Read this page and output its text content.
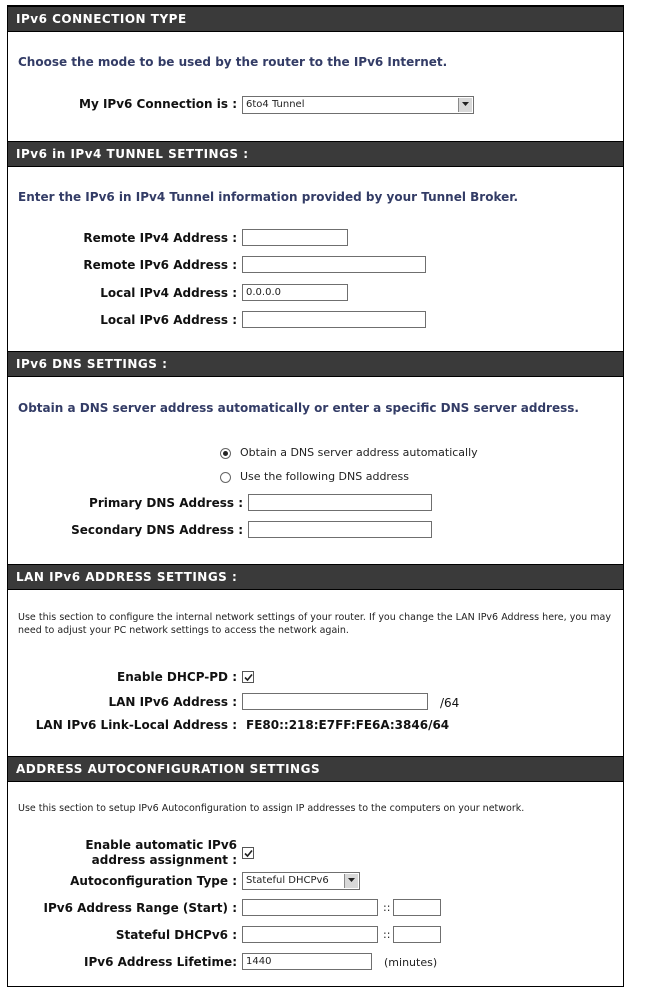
IPv6 CONNECTION TYPE
Choose the mode to be used by the router to the IPv6 Internet.
My IPv6 Connection is : 6to4 Tunnel
IPv6 in IPv4 TUNNEL SETTINGS :
Enter the IPv6 in IPv4 Tunnel information provided by your Tunnel Broker.
Remote IPv4 Address :
Remote IPv6 Address :
Local IPv4 Address :
0.0.0.0
Local IPv6 Address :
IPv6 DNS SETTINGS :
Obtain a DNS server address automatically or enter a specific DNS server address.
Obtain a DNS server address automatically
Use the following DNS address
Primary DNS Address :
Secondary DNS Address :
LAN IPv6 ADDRESS SETTINGS :
Use this section to configure the internal network settings of your router. If you change the LAN IPv6 Address here, you may need to adjust your PC network settings to access the network again.
Enable DHCP-PD :
LAN IPv6 Address :	/64
LAN IPv6 Link-Local Address : FE80::218:E7FF:FE6A:3846/64
ADDRESS AUTOCONFIGURATION SETTINGS
Use this section to setup IPv6 Autoconfiguration to assign IP addresses to the computers on your network.
Enable automatic IPv6
address assignment :
Autoconfiguration Type : Stateful DHCPv6
IPv6 Address Range (Start) :	::
Stateful DHCPv6 :	::
IPv6 Address Lifetime:
1440	(minutes)
